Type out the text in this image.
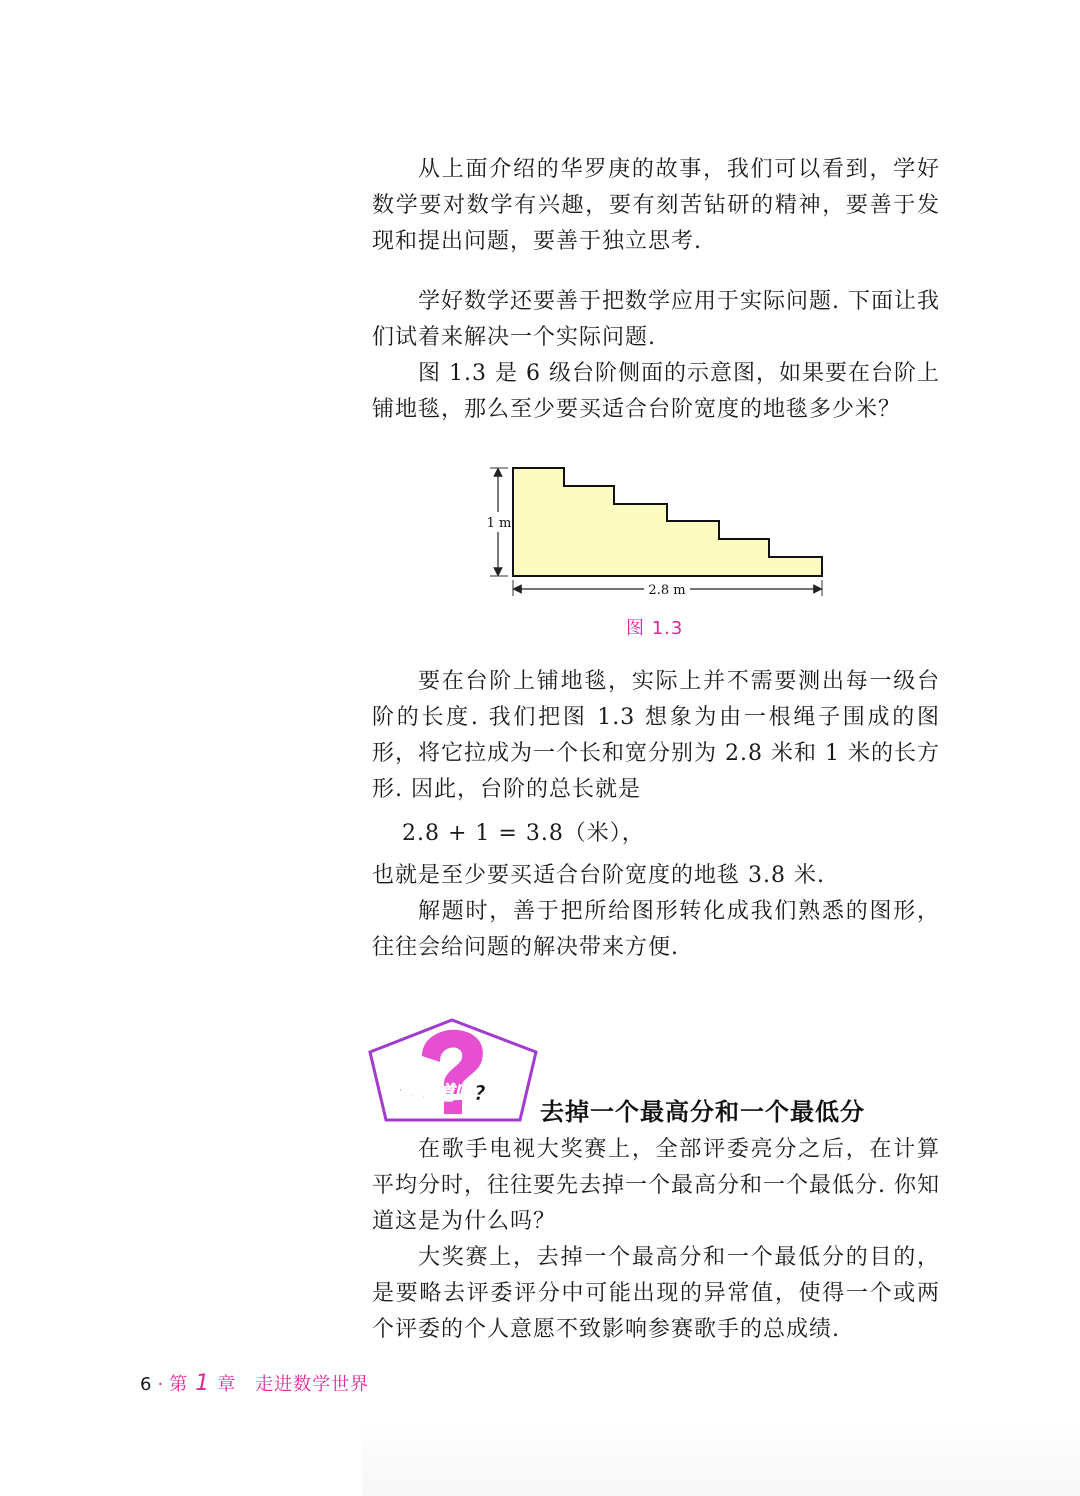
从上面介绍的华罗庚的故事，我们可以看到，学好数学要对数学有兴趣，要有刻苦钻研的精神，要善于发现和提出问题，要善于独立思考.

学好数学还要善于把数学应用于实际问题. 下面让我们试着来解决一个实际问题.

图 1.3 是 6 级台阶侧面的示意图，如果要在台阶上铺地毯，那么至少要买适合台阶宽度的地毯多少米？

1 m
2.8 m
图 1.3

要在台阶上铺地毯，实际上并不需要测出每一级台阶的长度. 我们把图 1.3 想象为由一根绳子围成的图形，将它拉成为一个长和宽分别为 2.8 米和 1 米的长方形. 因此，台阶的总长就是

2.8 + 1 = 3.8（米），

也就是至少要买适合台阶宽度的地毯 3.8 米.

解题时，善于把所给图形转化成我们熟悉的图形，往往会给问题的解决带来方便.

你知道吗?
去掉一个最高分和一个最低分

在歌手电视大奖赛上，全部评委亮分之后，在计算平均分时，往往要先去掉一个最高分和一个最低分. 你知道这是为什么吗？

大奖赛上，去掉一个最高分和一个最低分的目的，是要略去评委评分中可能出现的异常值，使得一个或两个评委的个人意愿不致影响参赛歌手的总成绩.

6 · 第 1 章 走进数学世界
